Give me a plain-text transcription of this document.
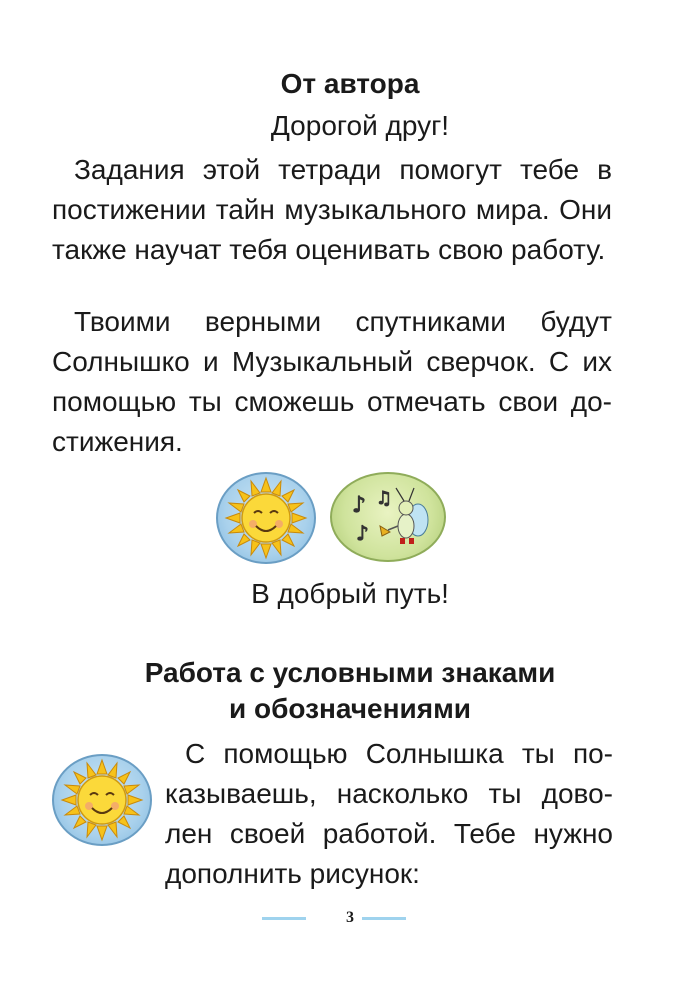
От автора
Дорогой друг!
Задания этой тетради помогут тебе в постижении тайн музыкального мира. Они также научат тебя оценивать свою работу.
Твоими верными спутниками будут Солнышко и Музыкальный сверчок. С их помощью ты сможешь отмечать свои до-стижения.
♪
♪
♫
В добрый путь!
Работа с условными знаками
и обозначениями
С помощью Солнышка ты по-казываешь, насколько ты дово-лен своей работой. Тебе нужно дополнить рисунок:
3
